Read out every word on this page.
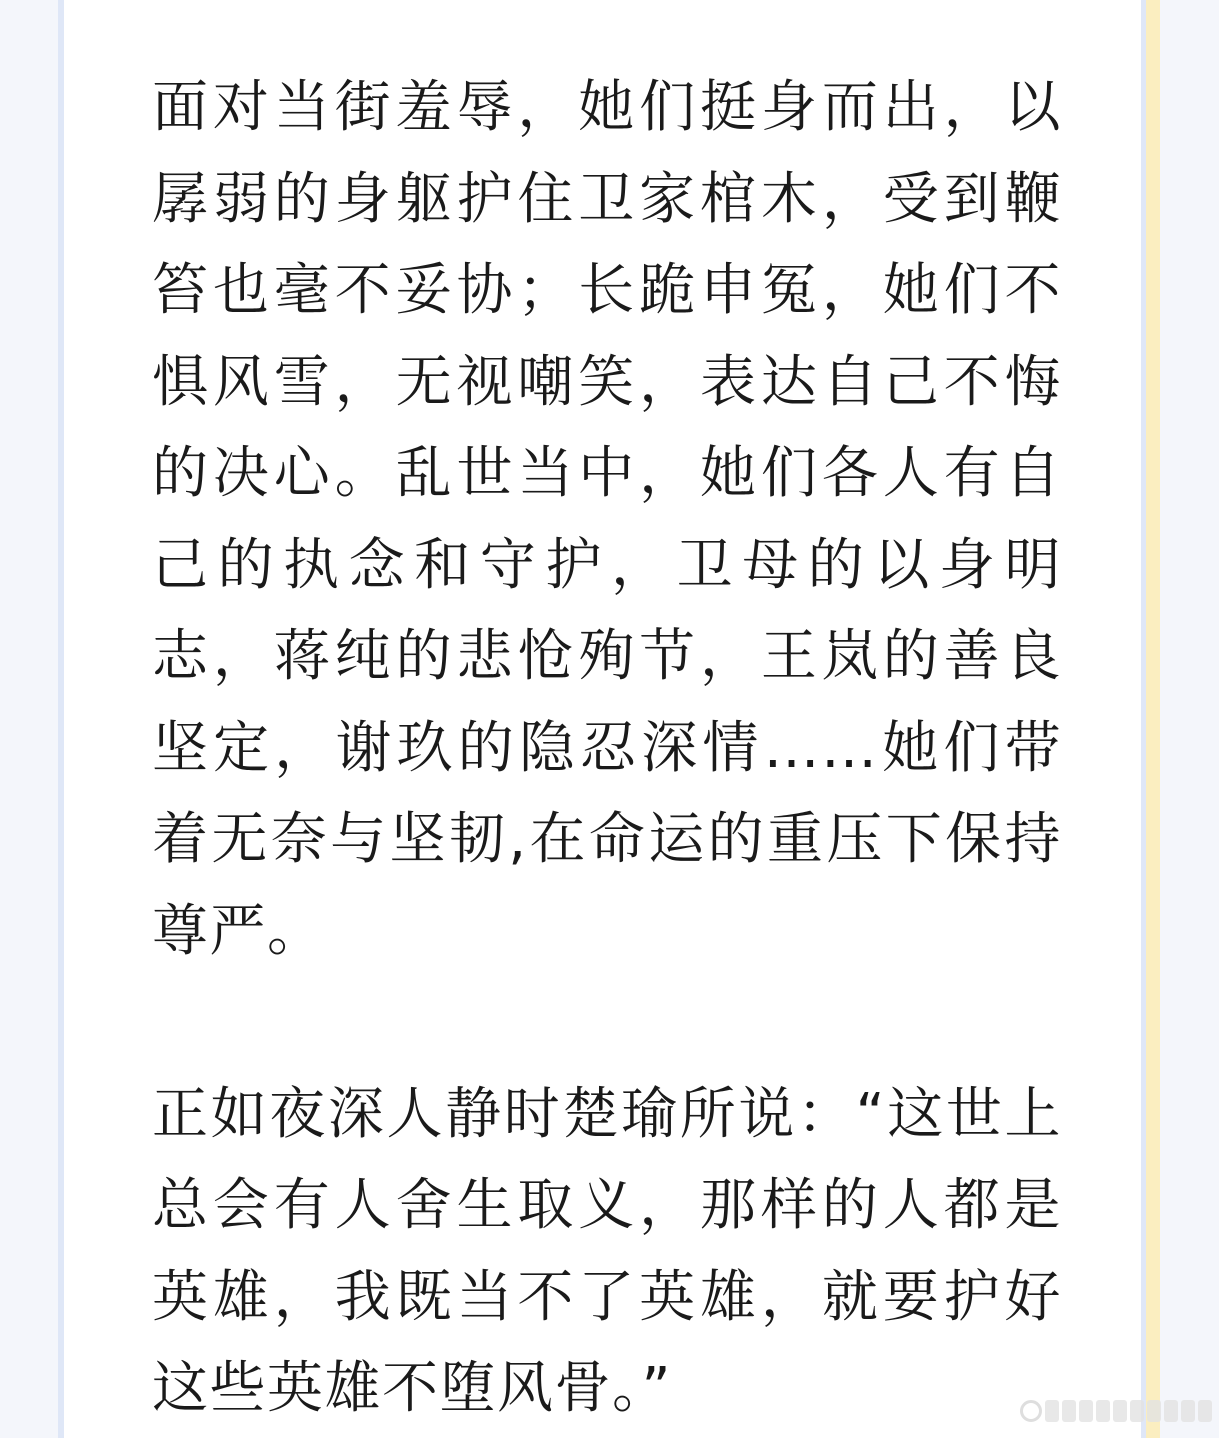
面对当街羞辱，她们挺身而出，以孱弱的身躯护住卫家棺木，受到鞭笞也毫不妥协；长跪申冤，她们不惧风雪，无视嘲笑，表达自己不悔的决心。乱世当中，她们各人有自己的执念和守护，卫母的以身明志，蒋纯的悲怆殉节，王岚的善良坚定，谢玖的隐忍深情……她们带着无奈与坚韧,在命运的重压下保持尊严。

正如夜深人静时楚瑜所说：“这世上总会有人舍生取义，那样的人都是英雄，我既当不了英雄，就要护好这些英雄不堕风骨。”
